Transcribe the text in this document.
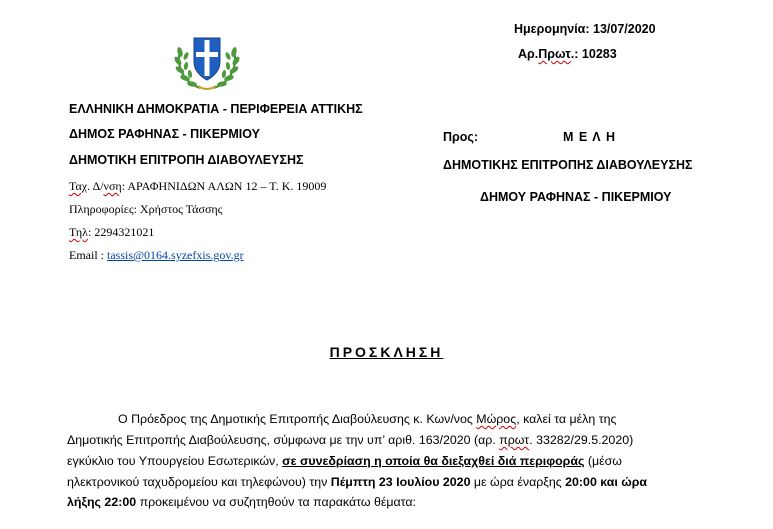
Ημερομηνία: 13/07/2020
Αρ.Πρωτ.: 10283
ΕΛΛΗΝΙΚΗ ΔΗΜΟΚΡΑΤΙΑ - ΠΕΡΙΦΕΡΕΙΑ ΑΤΤΙΚΗΣ
ΔΗΜΟΣ ΡΑΦΗΝΑΣ - ΠΙΚΕΡΜΙΟΥ
ΔΗΜΟΤΙΚΗ ΕΠΙΤΡΟΠΗ ΔΙΑΒΟΥΛΕΥΣΗΣ
Ταχ. Δ/νση: ΑΡΑΦΗΝΙΔΩΝ ΑΛΩΝ 12 – Τ. Κ. 19009
Πληροφορίες: Χρήστος Τάσσης
Τηλ: 2294321021
Email : tassis@0164.syzefxis.gov.gr
Προς:	Μ Ε Λ Η
ΔΗΜΟΤΙΚΗΣ ΕΠΙΤΡΟΠΗΣ ΔΙΑΒΟΥΛΕΥΣΗΣ
ΔΗΜΟΥ ΡΑΦΗΝΑΣ - ΠΙΚΕΡΜΙΟΥ
ΠΡΟΣΚΛΗΣΗ
Ο Πρόεδρος της Δημοτικής Επιτροπής Διαβούλευσης κ. Κων/νος Μώρος, καλεί τα μέλη της
Δημοτικής Επιτροπής Διαβούλευσης, σύμφωνα με την υπ’ αριθ. 163/2020 (αρ. πρωτ. 33282/29.5.2020)
εγκύκλιο του Υπουργείου Εσωτερικών, σε συνεδρίαση η οποία θα διεξαχθεί διά περιφοράς (μέσω
ηλεκτρονικού ταχυδρομείου και τηλεφώνου) την Πέμπτη 23 Ιουλίου 2020 με ώρα έναρξης 20:00 και ώρα
λήξης 22:00 προκειμένου να συζητηθούν τα παρακάτω θέματα:
